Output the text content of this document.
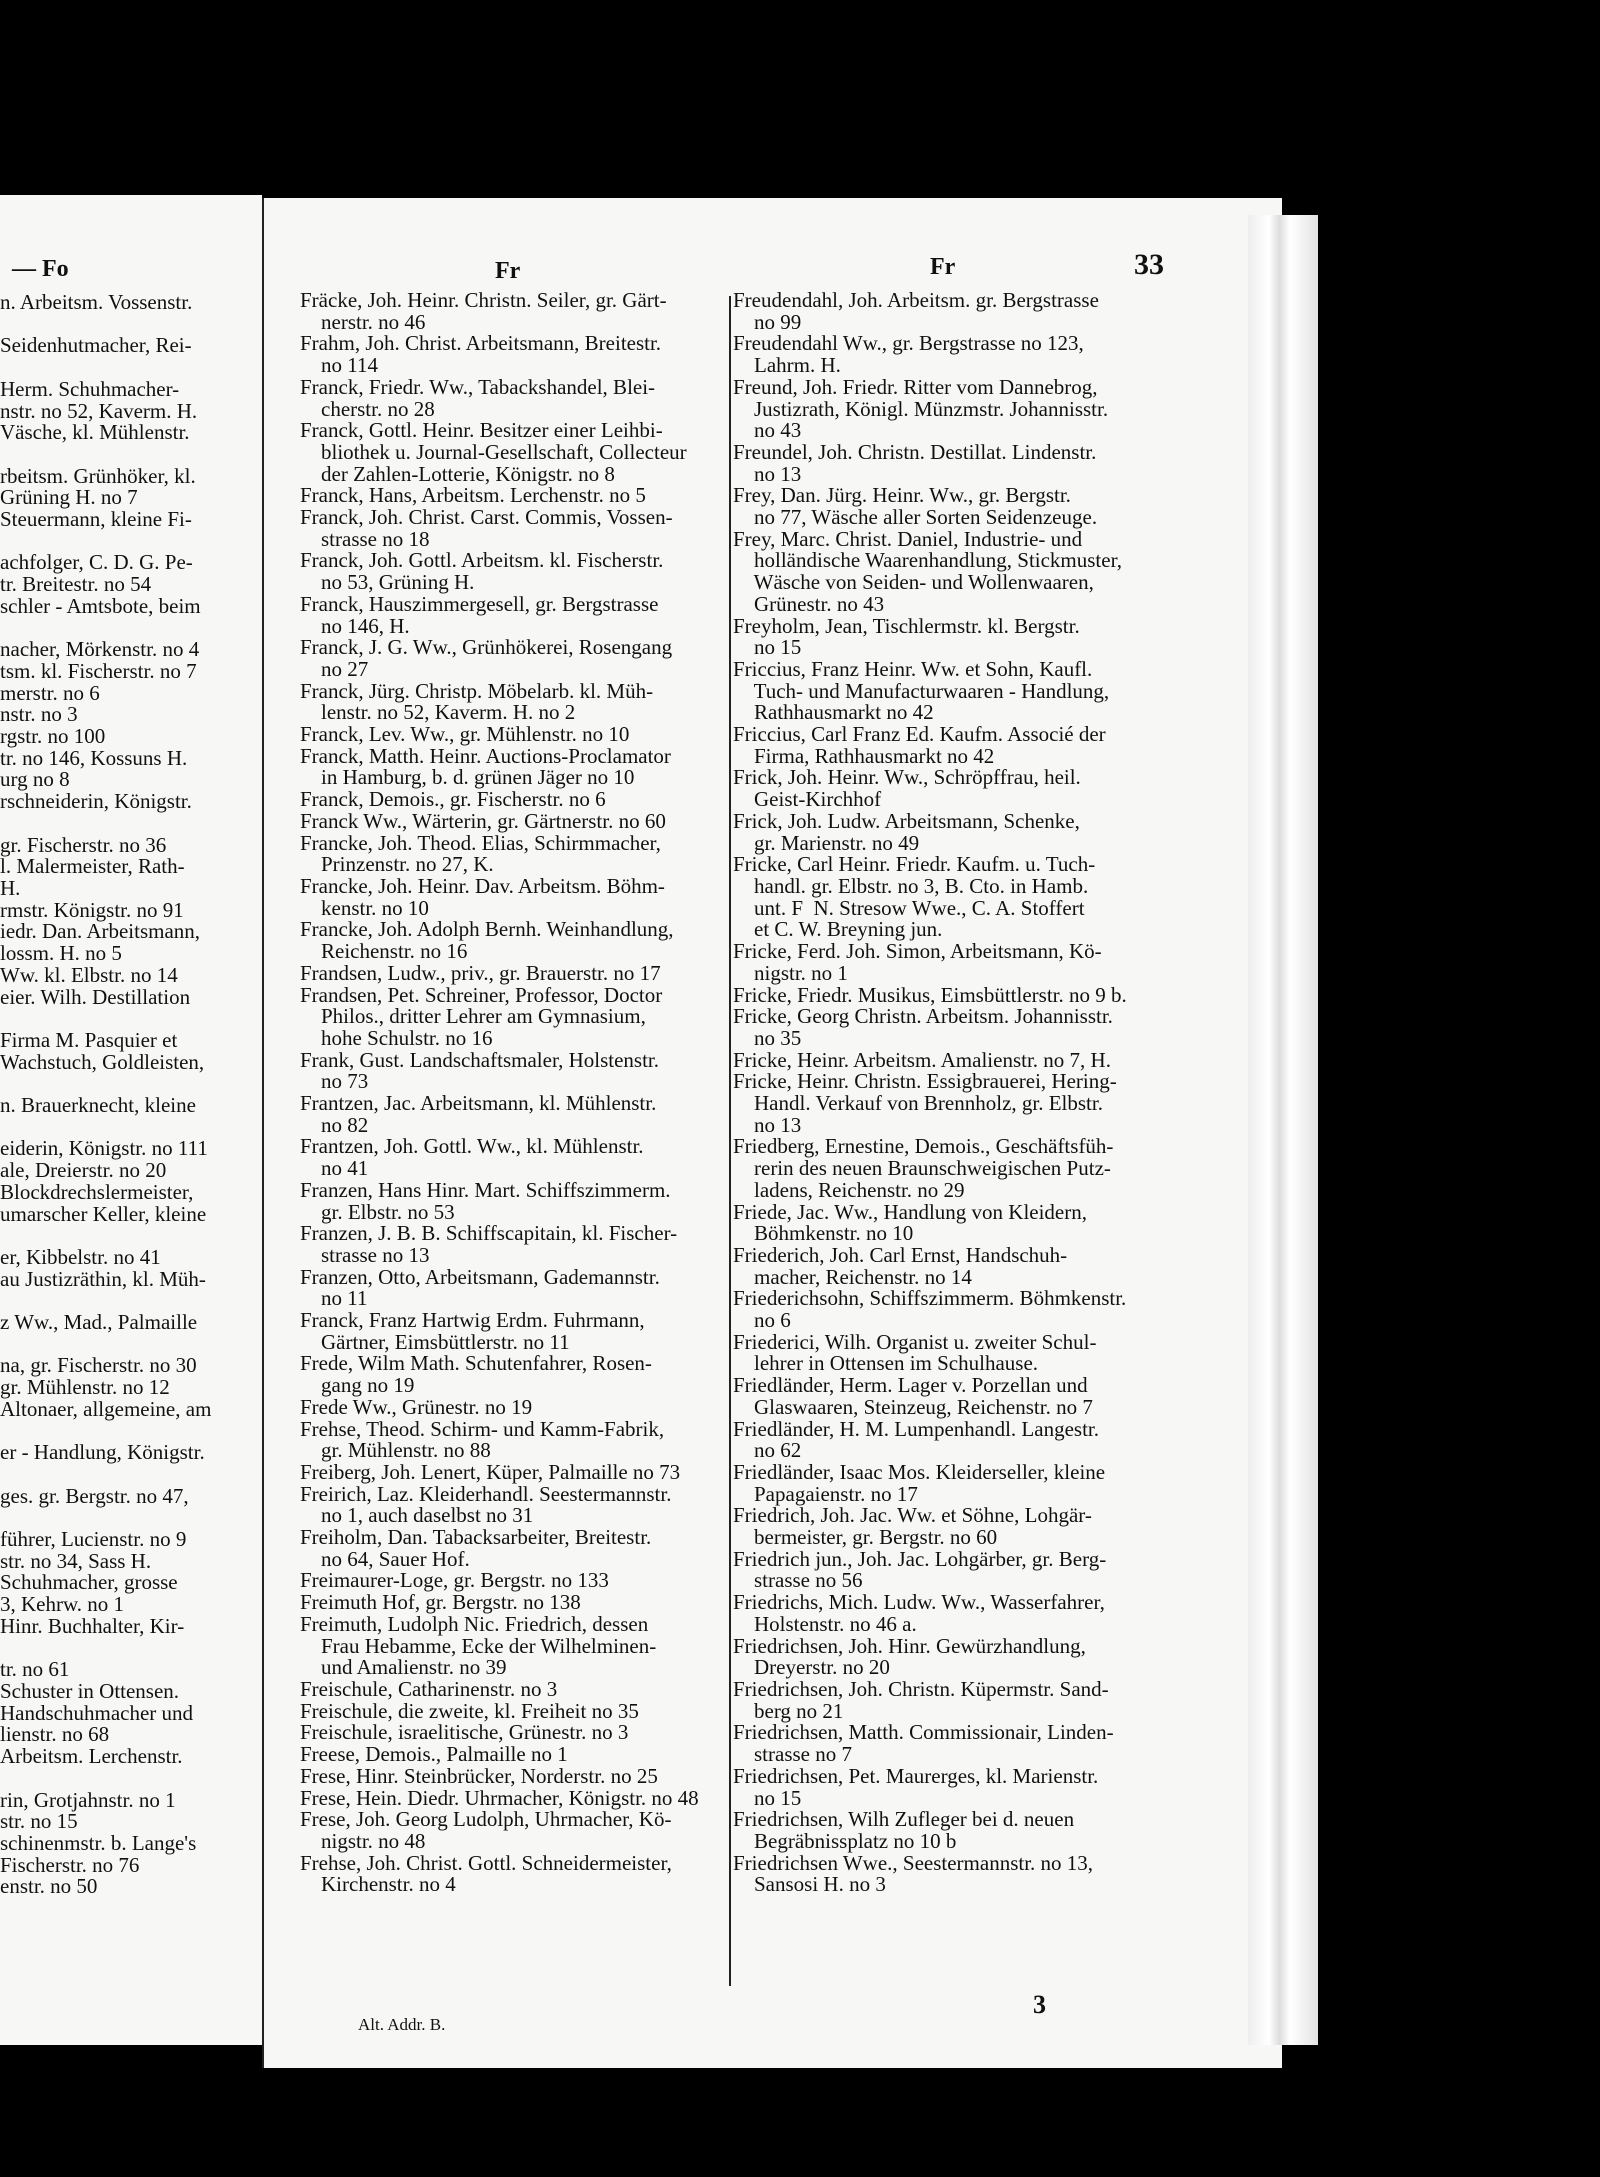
— Fo	Fr	Fr	33
n. Arbeitsm. Vossenstr.

Seidenhutmacher, Rei-

Herm. Schuhmacher-
nstr. no 52, Kaverm. H.
Väsche, kl. Mühlenstr.

rbeitsm. Grünhöker, kl.
Grüning H. no 7
Steuermann, kleine Fi-

achfolger, C. D. G. Pe-
tr. Breitestr. no 54
schler - Amtsbote, beim

nacher, Mörkenstr. no 4
tsm. kl. Fischerstr. no 7
merstr. no 6
nstr. no 3
rgstr. no 100
tr. no 146, Kossuns H.
urg no 8
rschneiderin, Königstr.

gr. Fischerstr. no 36
l. Malermeister, Rath-
H.
rmstr. Königstr. no 91
iedr. Dan. Arbeitsmann,
lossm. H. no 5
Ww. kl. Elbstr. no 14
eier. Wilh. Destillation

Firma M. Pasquier et
Wachstuch, Goldleisten,

n. Brauerknecht, kleine

eiderin, Königstr. no 111
ale, Dreierstr. no 20
Blockdrechslermeister,
umarscher Keller, kleine

er, Kibbelstr. no 41
au Justizräthin, kl. Müh-

z Ww., Mad., Palmaille

na, gr. Fischerstr. no 30
gr. Mühlenstr. no 12
Altonaer, allgemeine, am

er - Handlung, Königstr.

ges. gr. Bergstr. no 47,

führer, Lucienstr. no 9
str. no 34, Sass H.
Schuhmacher, grosse
3, Kehrw. no 1
Hinr. Buchhalter, Kir-

tr. no 61
Schuster in Ottensen.
Handschuhmacher und
lienstr. no 68
Arbeitsm. Lerchenstr.

rin, Grotjahnstr. no 1
str. no 15
schinenmstr. b. Lange's
Fischerstr. no 76
enstr. no 50
Fräcke, Joh. Heinr. Christn. Seiler, gr. Gärt-
nerstr. no 46
Frahm, Joh. Christ. Arbeitsmann, Breitestr.
no 114
Franck, Friedr. Ww., Tabackshandel, Blei-
cherstr. no 28
Franck, Gottl. Heinr. Besitzer einer Leihbi-
bliothek u. Journal-Gesellschaft, Collecteur
der Zahlen-Lotterie, Königstr. no 8
Franck, Hans, Arbeitsm. Lerchenstr. no 5
Franck, Joh. Christ. Carst. Commis, Vossen-
strasse no 18
Franck, Joh. Gottl. Arbeitsm. kl. Fischerstr.
no 53, Grüning H.
Franck, Hauszimmergesell, gr. Bergstrasse
no 146, H.
Franck, J. G. Ww., Grünhökerei, Rosengang
no 27
Franck, Jürg. Christp. Möbelarb. kl. Müh-
lenstr. no 52, Kaverm. H. no 2
Franck, Lev. Ww., gr. Mühlenstr. no 10
Franck, Matth. Heinr. Auctions-Proclamator
in Hamburg, b. d. grünen Jäger no 10
Franck, Demois., gr. Fischerstr. no 6
Franck Ww., Wärterin, gr. Gärtnerstr. no 60
Francke, Joh. Theod. Elias, Schirmmacher,
Prinzenstr. no 27, K.
Francke, Joh. Heinr. Dav. Arbeitsm. Böhm-
kenstr. no 10
Francke, Joh. Adolph Bernh. Weinhandlung,
Reichenstr. no 16
Frandsen, Ludw., priv., gr. Brauerstr. no 17
Frandsen, Pet. Schreiner, Professor, Doctor
Philos., dritter Lehrer am Gymnasium,
hohe Schulstr. no 16
Frank, Gust. Landschaftsmaler, Holstenstr.
no 73
Frantzen, Jac. Arbeitsmann, kl. Mühlenstr.
no 82
Frantzen, Joh. Gottl. Ww., kl. Mühlenstr.
no 41
Franzen, Hans Hinr. Mart. Schiffszimmerm.
gr. Elbstr. no 53
Franzen, J. B. B. Schiffscapitain, kl. Fischer-
strasse no 13
Franzen, Otto, Arbeitsmann, Gademannstr.
no 11
Franck, Franz Hartwig Erdm. Fuhrmann,
Gärtner, Eimsbüttlerstr. no 11
Frede, Wilm Math. Schutenfahrer, Rosen-
gang no 19
Frede Ww., Grünestr. no 19
Frehse, Theod. Schirm- und Kamm-Fabrik,
gr. Mühlenstr. no 88
Freiberg, Joh. Lenert, Küper, Palmaille no 73
Freirich, Laz. Kleiderhandl. Seestermannstr.
no 1, auch daselbst no 31
Freiholm, Dan. Tabacksarbeiter, Breitestr.
no 64, Sauer Hof.
Freimaurer-Loge, gr. Bergstr. no 133
Freimuth Hof, gr. Bergstr. no 138
Freimuth, Ludolph Nic. Friedrich, dessen
Frau Hebamme, Ecke der Wilhelminen-
und Amalienstr. no 39
Freischule, Catharinenstr. no 3
Freischule, die zweite, kl. Freiheit no 35
Freischule, israelitische, Grünestr. no 3
Freese, Demois., Palmaille no 1
Frese, Hinr. Steinbrücker, Norderstr. no 25
Frese, Hein. Diedr. Uhrmacher, Königstr. no 48
Frese, Joh. Georg Ludolph, Uhrmacher, Kö-
nigstr. no 48
Frehse, Joh. Christ. Gottl. Schneidermeister,
Kirchenstr. no 4
Freudendahl, Joh. Arbeitsm. gr. Bergstrasse
no 99
Freudendahl Ww., gr. Bergstrasse no 123,
Lahrm. H.
Freund, Joh. Friedr. Ritter vom Dannebrog,
Justizrath, Königl. Münzmstr. Johannisstr.
no 43
Freundel, Joh. Christn. Destillat. Lindenstr.
no 13
Frey, Dan. Jürg. Heinr. Ww., gr. Bergstr.
no 77, Wäsche aller Sorten Seidenzeuge.
Frey, Marc. Christ. Daniel, Industrie- und
holländische Waarenhandlung, Stickmuster,
Wäsche von Seiden- und Wollenwaaren,
Grünestr. no 43
Freyholm, Jean, Tischlermstr. kl. Bergstr.
no 15
Friccius, Franz Heinr. Ww. et Sohn, Kaufl.
Tuch- und Manufacturwaaren - Handlung,
Rathhausmarkt no 42
Friccius, Carl Franz Ed. Kaufm. Associé der
Firma, Rathhausmarkt no 42
Frick, Joh. Heinr. Ww., Schröpffrau, heil.
Geist-Kirchhof
Frick, Joh. Ludw. Arbeitsmann, Schenke,
gr. Marienstr. no 49
Fricke, Carl Heinr. Friedr. Kaufm. u. Tuch-
handl. gr. Elbstr. no 3, B. Cto. in Hamb.
unt. F  N. Stresow Wwe., C. A. Stoffert
et C. W. Breyning jun.
Fricke, Ferd. Joh. Simon, Arbeitsmann, Kö-
nigstr. no 1
Fricke, Friedr. Musikus, Eimsbüttlerstr. no 9 b.
Fricke, Georg Christn. Arbeitsm. Johannisstr.
no 35
Fricke, Heinr. Arbeitsm. Amalienstr. no 7, H.
Fricke, Heinr. Christn. Essigbrauerei, Hering-
Handl. Verkauf von Brennholz, gr. Elbstr.
no 13
Friedberg, Ernestine, Demois., Geschäftsfüh-
rerin des neuen Braunschweigischen Putz-
ladens, Reichenstr. no 29
Friede, Jac. Ww., Handlung von Kleidern,
Böhmkenstr. no 10
Friederich, Joh. Carl Ernst, Handschuh-
macher, Reichenstr. no 14
Friederichsohn, Schiffszimmerm. Böhmkenstr.
no 6
Friederici, Wilh. Organist u. zweiter Schul-
lehrer in Ottensen im Schulhause.
Friedländer, Herm. Lager v. Porzellan und
Glaswaaren, Steinzeug, Reichenstr. no 7
Friedländer, H. M. Lumpenhandl. Langestr.
no 62
Friedländer, Isaac Mos. Kleiderseller, kleine
Papagaienstr. no 17
Friedrich, Joh. Jac. Ww. et Söhne, Lohgär-
bermeister, gr. Bergstr. no 60
Friedrich jun., Joh. Jac. Lohgärber, gr. Berg-
strasse no 56
Friedrichs, Mich. Ludw. Ww., Wasserfahrer,
Holstenstr. no 46 a.
Friedrichsen, Joh. Hinr. Gewürzhandlung,
Dreyerstr. no 20
Friedrichsen, Joh. Christn. Küpermstr. Sand-
berg no 21
Friedrichsen, Matth. Commissionair, Linden-
strasse no 7
Friedrichsen, Pet. Maurerges, kl. Marienstr.
no 15
Friedrichsen, Wilh Zufleger bei d. neuen
Begräbnissplatz no 10 b
Friedrichsen Wwe., Seestermannstr. no 13,
Sansosi H. no 3
Alt. Addr. B.
3
